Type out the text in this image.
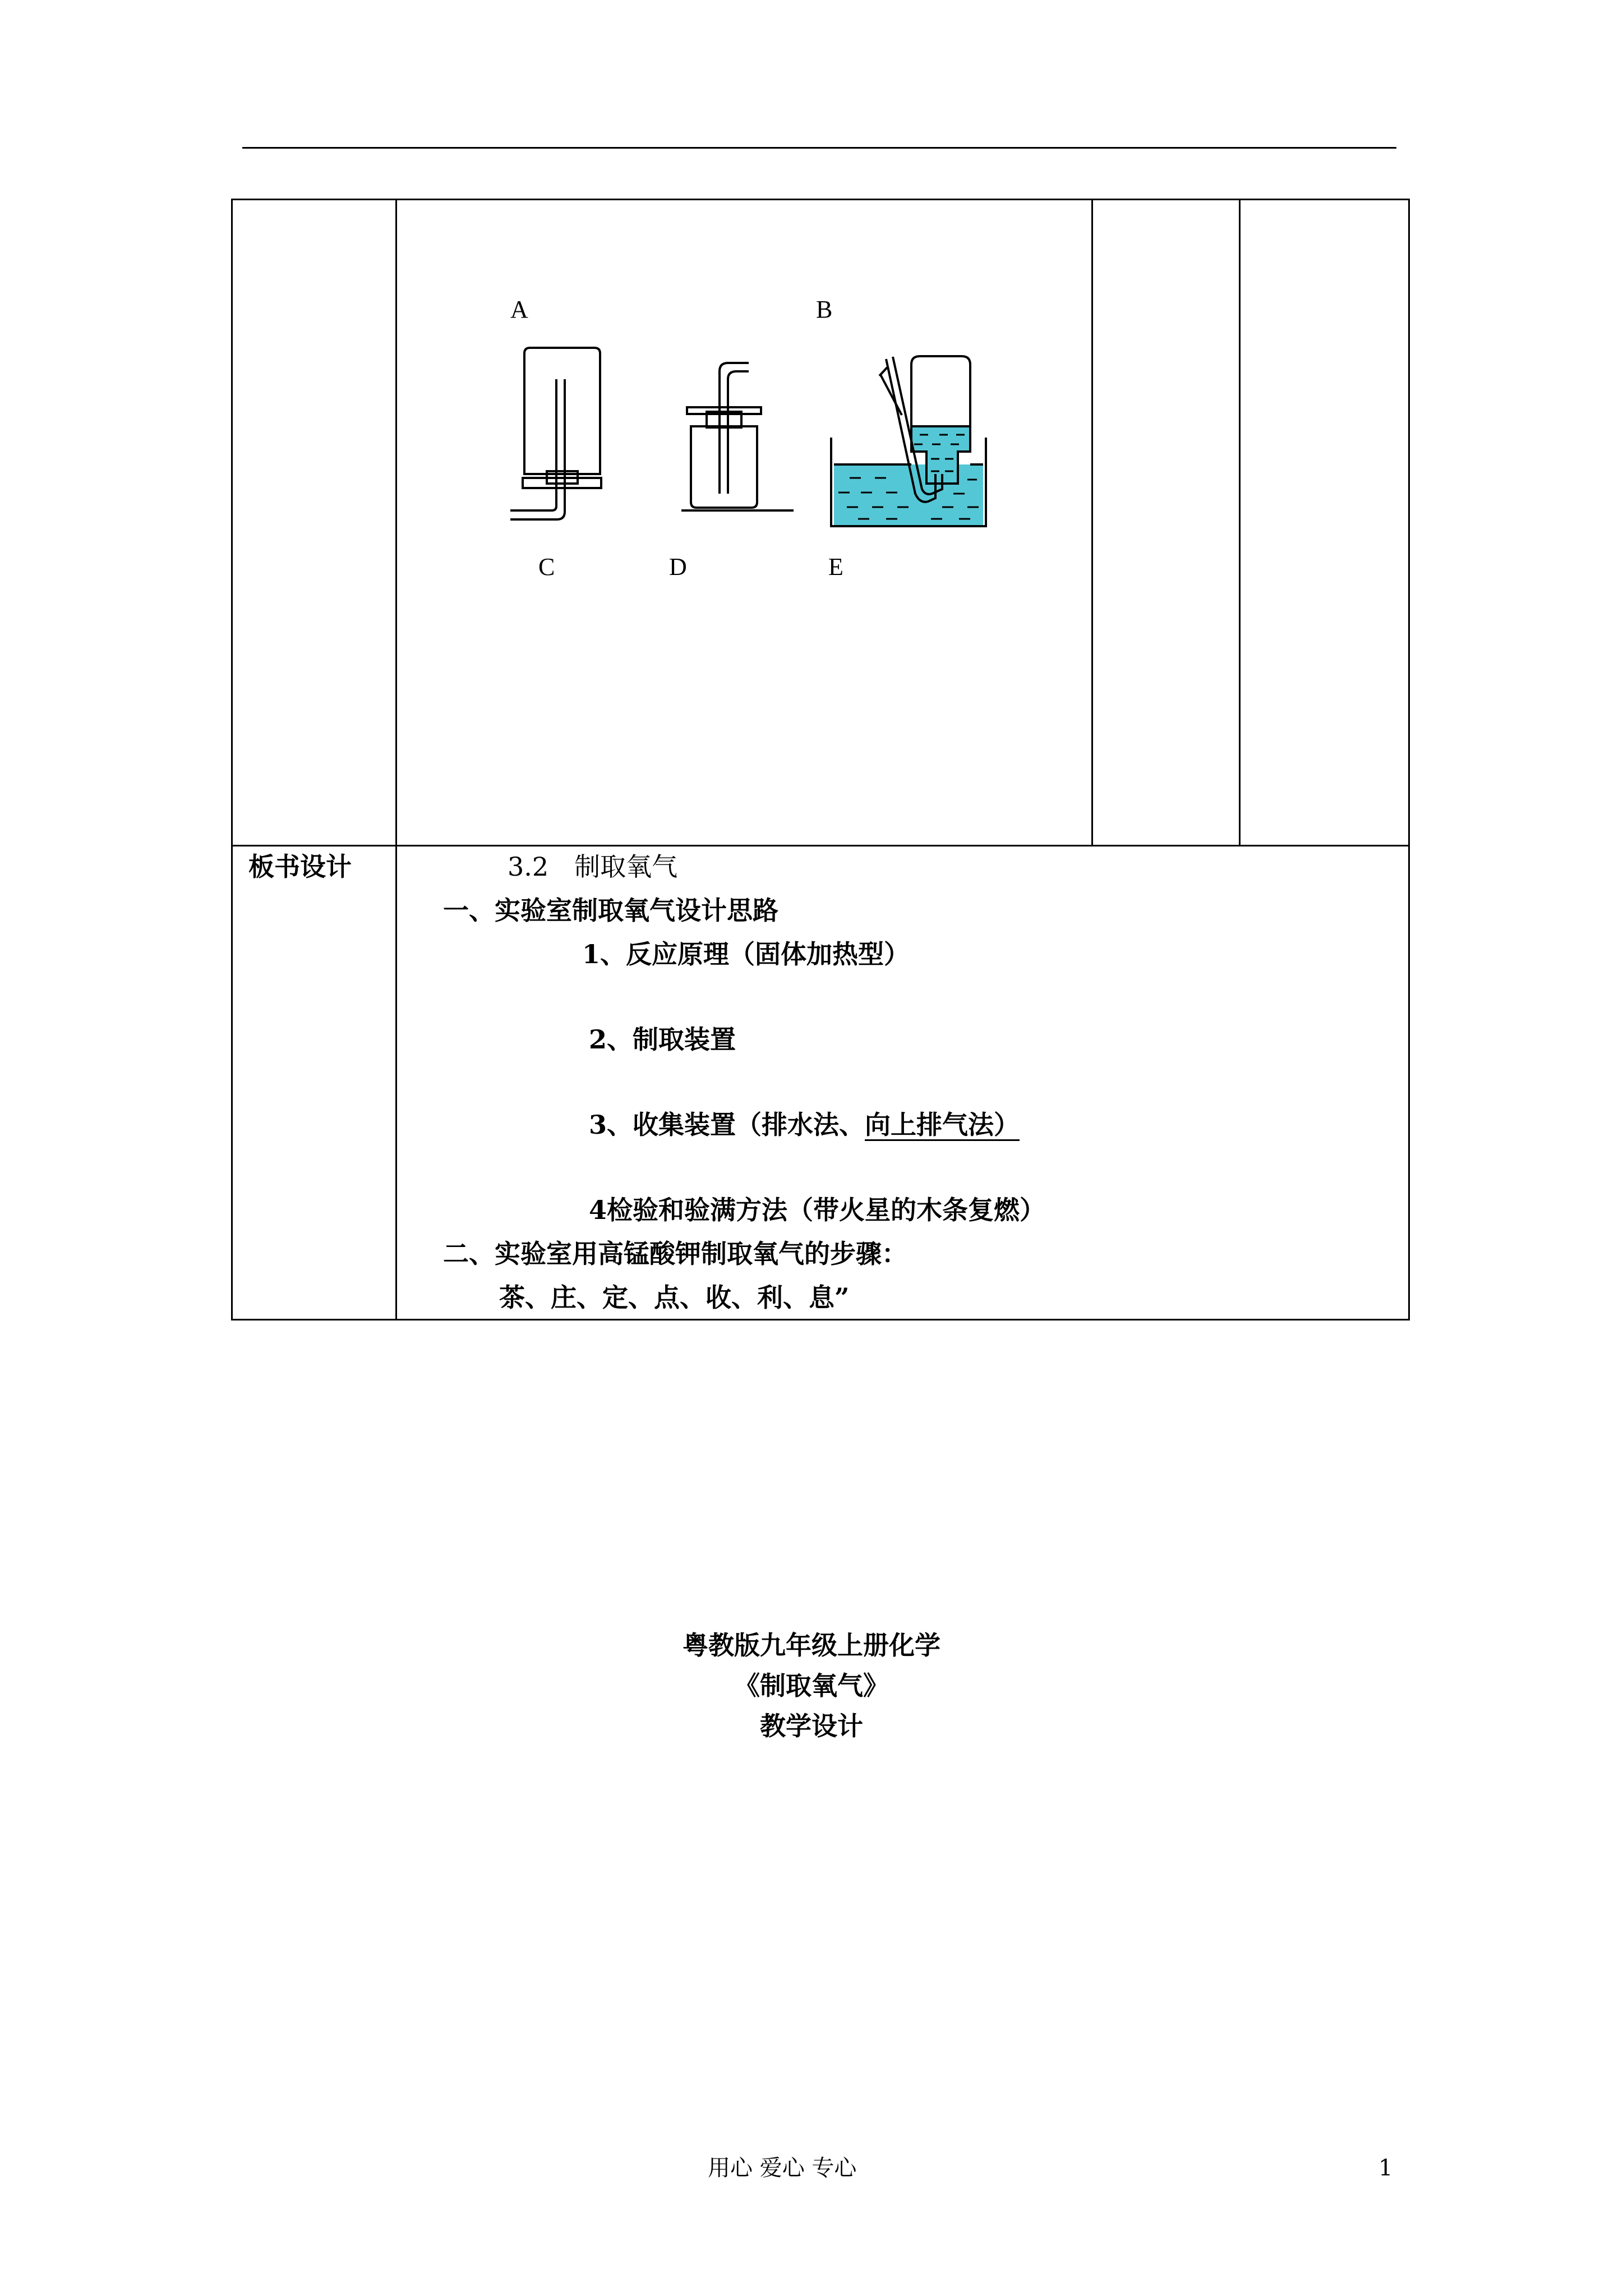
A	B
C	D	E
板书设计	3.2　制取氧气
一、实验室制取氧气设计思路
1、反应原理（固体加热型）
2、制取装置
3、收集装置（排水法、向上排气法）
4检验和验满方法（带火星的木条复燃）
二、实验室用高锰酸钾制取氧气的步骤：
茶、庄、定、点、收、利、息”
粤教版九年级上册化学
《制取氧气》
教学设计
用心 爱心 专心	1
